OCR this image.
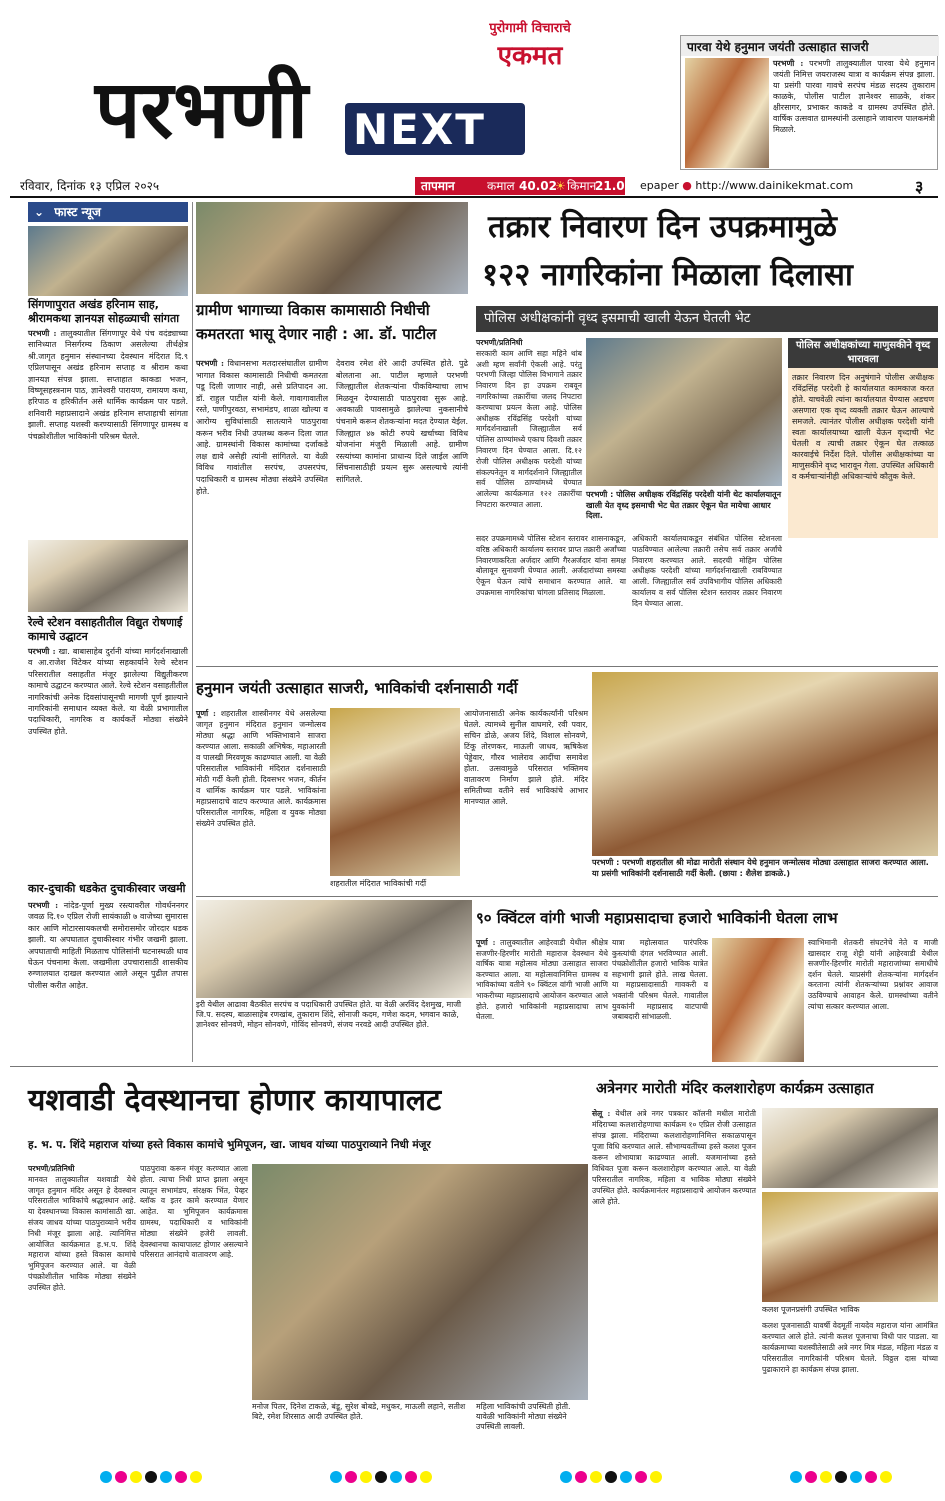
पुरोगामी विचाराचे
एकमत
परभणी	NEXT
पारवा येथे हनुमान जयंती उत्साहात साजरी
परभणी : परभणी तालुक्यातील पारवा येथे हनुमान जयंती निमित्त जयराजस्थ यात्रा व कार्यक्रम संपन्न झाला. या प्रसंगी पारवा गावचे सरपंच मंडळ सदस्य तुकाराम काळके, पोलीस पाटील ज्ञानेश्वर साळके, शंकर क्षीरसागर, प्रभाकर काकडे व ग्रामस्थ उपस्थित होते. वार्षिक उत्सवात ग्रामस्थांनी उत्साहाने जावारण पालकमंत्री मिळाले.
रविवार, दिनांक १३ एप्रिल २०२५	तापमान	कमाल 40.02
☀ किमान
21.03 epaper ● http://www.dainikekmat.com	३
⌄ फास्ट न्यूज
सिंगणापुरात अखंड हरिनाम साह, श्रीरामकथा ज्ञानयज्ञ सोहळ्याची सांगता
परभणी : तालुक्यातील सिंगणापूर येथे पंच वदंड्याच्या सानिध्यात निसर्गरम्य ठिकाण असलेल्या तीर्थक्षेत्र श्री.जागृत हनुमान संस्थानच्या देवस्थान मंदिरात दि.९ एप्रिलपासून अखंड हरिनाम सप्ताह व श्रीराम कथा ज्ञानयज्ञ संपन्न झाला. सप्ताहात काकडा भजन, विष्णूसहस्त्रनाम पाठ, ज्ञानेश्वरी पारायण, रामायण कथा, हरिपाठ व हरिकीर्तन असे धार्मिक कार्यक्रम पार पडले. शनिवारी महाप्रसादाने अखंड हरिनाम सप्ताहाची सांगता झाली. सप्ताह यशस्वी करण्यासाठी सिंगणापूर ग्रामस्थ व पंचक्रोशीतील भाविकांनी परिश्रम घेतले.
रेल्वे स्टेशन वसाहतीतील विद्युत रोषणाई कामाचे उद्घाटन
परभणी : खा. बाबासाहेब दुर्रानी यांच्या मार्गदर्शनाखाली व आ.राजेश विटेकर यांच्या सहकार्याने रेल्वे स्टेशन परिसरातील वसाहतीत मंजूर झालेल्या विद्युतीकरण कामाचे उद्घाटन करण्यात आले. रेल्वे स्टेशन वसाहतीतील नागरिकांची अनेक दिवसांपासूनची मागणी पूर्ण झाल्याने नागरिकांनी समाधान व्यक्त केले. या वेळी प्रभागातील पदाधिकारी, नागरिक व कार्यकर्ते मोठ्या संख्येने उपस्थित होते.
कार-दुचाकी धडकेत दुचाकीस्वार जखमी
परभणी : नांदेड-पूर्णा मुख्य रस्त्यावरील गोवर्धननगर जवळ दि.१० एप्रिल रोजी सायंकाळी ७ वाजेच्या सुमारास कार आणि मोटारसायकलची समोरासमोर जोरदार धडक झाली. या अपघातात दुचाकीस्वार गंभीर जखमी झाला. अपघाताची माहिती मिळताच पोलिसांनी घटनास्थळी धाव घेऊन पंचनामा केला. जखमीला उपचारासाठी शासकीय रुग्णालयात दाखल करण्यात आले असून पुढील तपास पोलीस करीत आहेत.
ग्रामीण भागाच्या विकास कामासाठी निधीची
कमतरता भासू देणार नाही : आ. डॉ. पाटील
परभणी : विधानसभा मतदारसंघातील ग्रामीण भागात विकास कामासाठी निधीची कमतरता पडू दिली जाणार नाही, असे प्रतिपादन आ. डॉ. राहुल पाटील यांनी केले. गावागावातील रस्ते, पाणीपुरवठा, सभामंडप, शाळा खोल्या व आरोग्य सुविधांसाठी सातत्याने पाठपुरावा करून भरीव निधी उपलब्ध करून दिला जात आहे. ग्रामस्थांनी विकास कामांच्या दर्जाकडे लक्ष द्यावे असेही त्यांनी सांगितले. या वेळी विविध गावांतील सरपंच, उपसरपंच, पदाधिकारी व ग्रामस्थ मोठ्या संख्येने उपस्थित होते.
देवराव रमेश शेरे आदी उपस्थित होते. पुढे बोलताना आ. पाटील म्हणाले परभणी जिल्ह्यातील शेतकऱ्यांना पीकविम्याचा लाभ मिळवून देण्यासाठी पाठपुरावा सुरू आहे. अवकाळी पावसामुळे झालेल्या नुकसानीचे पंचनामे करून शेतकऱ्यांना मदत देण्यात येईल. जिल्ह्यात ४७ कोटी रुपये खर्चाच्या विविध योजनांना मंजुरी मिळाली आहे. ग्रामीण रस्त्यांच्या कामांना प्राधान्य दिले जाईल आणि सिंचनासाठीही प्रयत्न सुरू असल्याचे त्यांनी सांगितले.
तक्रार निवारण दिन उपक्रमामुळे
१२२ नागरिकांना मिळाला दिलासा
पोलिस अधीक्षकांनी वृध्द इसमाची खाली येऊन घेतली भेट
परभणी/प्रतिनिधी
सरकारी काम आणि सहा महिने थांब अशी म्हण सर्वांनी ऐकली आहे. परंतु परभणी जिल्हा पोलिस विभागाने तक्रार निवारण दिन हा उपक्रम राबवून नागरिकांच्या तक्रारींचा जलद निपटारा करण्याचा प्रयत्न केला आहे. पोलिस अधीक्षक रविंद्रसिंह परदेशी यांच्या मार्गदर्शनाखाली जिल्ह्यातील सर्व पोलिस ठाण्यांमध्ये एकाच दिवशी तक्रार निवारण दिन घेण्यात आला. दि.१२ रोजी पोलिस अधीक्षक परदेशी यांच्या संकल्पनेतून व मार्गदर्शनाने जिल्ह्यातील सर्व पोलिस ठाण्यांमध्ये घेण्यात आलेल्या कार्यक्रमात १२२ तक्रारींचा निपटारा करण्यात आला.
परभणी : पोलिस अधीक्षक रविंद्रसिंह परदेशी यांनी थेट कार्यालयातून खाली येत वृध्द इसमाची भेट घेत तक्रार ऐकून घेत मायेचा आधार दिला.
पोलिस अधीक्षकांच्या माणुसकीने वृध्द भारावला
तक्रार निवारण दिन अनुषंगाने पोलीस अधीक्षक रविंद्रसिंह परदेशी हे कार्यालयात कामकाज करत होते. याचवेळी त्यांना कार्यालयात येण्यास अडचण असणारा एक वृध्द व्यक्ती तक्रार घेऊन आल्याचे समजले. त्यानंतर पोलीस अधीक्षक परदेशी यांनी स्वतः कार्यालयाच्या खाली येऊन वृध्दाची भेट घेतली व त्याची तक्रार ऐकून घेत तत्काळ कारवाईचे निर्देश दिले. पोलीस अधीक्षकांच्या या माणुसकीने वृध्द भारावून गेला. उपस्थित अधिकारी व कर्मचाऱ्यांनीही अधिकाऱ्यांचे कौतुक केले.
सदर उपक्रमामध्ये पोलिस स्टेशन स्तरावर शासनाकडून, वरिष्ठ अधिकारी कार्यालय स्तरावर प्राप्त तक्रारी अर्जांच्या निवारणाकरिता अर्जदार आणि गैरअर्जदार यांना समक्ष बोलावून सुनावणी घेण्यात आली. अर्जदारांच्या समस्या ऐकून घेऊन त्यांचे समाधान करण्यात आले. या उपक्रमास नागरिकांचा चांगला प्रतिसाद मिळाला.
अधिकारी कार्यालयाकडून संबंधित पोलिस स्टेशनला पाठविण्यात आलेल्या तक्रारी तसेच सर्व तक्रार अर्जांचे निवारण करण्यात आले. सदरची मोहिम पोलिस अधीक्षक परदेशी यांच्या मार्गदर्शनाखाली राबविण्यात आली. जिल्ह्यातील सर्व उपविभागीय पोलिस अधिकारी कार्यालय व सर्व पोलिस स्टेशन स्तरावर तक्रार निवारण दिन घेण्यात आला.
हनुमान जयंती उत्साहात साजरी, भाविकांची दर्शनासाठी गर्दी
पूर्णा : शहरातील शास्त्रीनगर येथे असलेल्या जागृत हनुमान मंदिरात हनुमान जन्मोत्सव मोठ्या श्रद्धा आणि भक्तिभावाने साजरा करण्यात आला. सकाळी अभिषेक, महाआरती व पालखी मिरवणूक काढण्यात आली. या वेळी परिसरातील भाविकांनी मंदिरात दर्शनासाठी मोठी गर्दी केली होती. दिवसभर भजन, कीर्तन व धार्मिक कार्यक्रम पार पडले. भाविकांना महाप्रसादाचे वाटप करण्यात आले. कार्यक्रमास परिसरातील नागरिक, महिला व युवक मोठ्या संख्येने उपस्थित होते.
शहरातील मंदिरात भाविकांची गर्दी
आयोजनासाठी अनेक कार्यकर्त्यांनी परिश्रम घेतले. त्यामध्ये सुनील वाघमारे, रवी पवार, सचिन डोळे, अजय शिंदे, विशाल सोनवणे, टिंकू तोरणकर, माऊली जाधव, ऋषिकेश पेड्डेवार, गौरव भालेराव आदींचा समावेश होता. उत्सवामुळे परिसरात भक्तिमय वातावरण निर्माण झाले होते. मंदिर समितीच्या वतीने सर्व भाविकांचे आभार मानण्यात आले.
परभणी : परभणी शहरातील श्री मोढा मारोती संस्थान येथे हनुमान जन्मोत्सव मोठ्या उत्साहात साजरा करण्यात आला. या प्रसंगी भाविकांनी दर्शनासाठी गर्दी केली. (छाया : शैलेश डाकळे.)
इरी येथील आढावा बैठकीत सरपंच व पदाधिकारी उपस्थित होते. या वेळी अरविंद देशमुख, माजी जि.प. सदस्य, बाळासाहेब रणखांब, तुकाराम शिंदे, सोनाजी कदम, गणेश कदम, भगवान काळे, ज्ञानेश्वर सोनवणे, मोहन सोनवणे, गोविंद सोनवणे, संजय नरवडे आदी उपस्थित होते.
९० क्विंटल वांगी भाजी महाप्रसादाचा हजारो भाविकांनी घेतला लाभ
पूर्णा : तालुक्यातील आहेरवाडी येथील श्रीक्षेत्र सजणीर-हिरणीर मारोती महाराज देवस्थान येथे वार्षिक यात्रा महोत्सव मोठ्या उत्साहात साजरा करण्यात आला. या महोत्सवानिमित्त ग्रामस्थ व भाविकांच्या वतीने ९० क्विंटल वांगी भाजी आणि भाकरीच्या महाप्रसादाचे आयोजन करण्यात आले होते. हजारो भाविकांनी महाप्रसादाचा लाभ घेतला.
यात्रा महोत्सवात पारंपरिक कुस्त्यांची दंगल भरविण्यात आली. पंचक्रोशीतील हजारो भाविक यात्रेत सहभागी झाले होते. लाख घेतला. या महाप्रसादासाठी गावकरी व भक्तांनी परिश्रम घेतले. गावातील युवकांनी महाप्रसाद वाटपाची जबाबदारी सांभाळली.
स्वाभिमानी शेतकरी संघटनेचे नेते व माजी खासदार राजू शेट्टी यांनी आहेरवाडी येथील सजणीर-हिरणीर मारोती महाराजांच्या समाधीचे दर्शन घेतले. याप्रसंगी शेतकऱ्यांना मार्गदर्शन करताना त्यांनी शेतकऱ्यांच्या प्रश्नांवर आवाज उठविण्याचे आवाहन केले. ग्रामस्थांच्या वतीने त्यांचा सत्कार करण्यात आला.
यशवाडी देवस्थानचा होणार कायापालट
ह. भ. प. शिंदे महाराज यांच्या हस्ते विकास कामांचे भुमिपूजन, खा. जाधव यांच्या पाठपुराव्याने निधी मंजूर
परभणी/प्रतिनिधी
मानवत तालुक्यातील यशवाडी येथे जागृत हनुमान मंदिर असून हे देवस्थान परिसरातील भाविकांचे श्रद्धास्थान आहे. या देवस्थानच्या विकास कामांसाठी खा. संजय जाधव यांच्या पाठपुराव्याने भरीव निधी मंजूर झाला आहे. त्यानिमित्त आयोजित कार्यक्रमात ह.भ.प. शिंदे महाराज यांच्या हस्ते विकास कामांचे भुमिपूजन करण्यात आले. या वेळी पंचक्रोशीतील भाविक मोठ्या संख्येने उपस्थित होते.
पाठपुरावा करून मंजूर करण्यात आला होता. त्याचा निधी प्राप्त झाला असून त्यातून सभामंडप, संरक्षक भिंत, पेव्हर ब्लॉक व इतर कामे करण्यात येणार आहेत. या भुमिपूजन कार्यक्रमास ग्रामस्थ, पदाधिकारी व भाविकांनी मोठ्या संख्येने हजेरी लावली. देवस्थानचा कायापालट होणार असल्याने परिसरात आनंदाचे वातावरण आहे.
मनोज पितर, दिनेश टाकळे, बंडू, सुरेश बोबडे, मधुकर, माऊली लहाने, सतीश बिटे, रमेश शिरसाठ आदी उपस्थित होते.
महिला भाविकांची उपस्थिती होती. यावेळी भाविकांनी मोठ्या संख्येने उपस्थिती लावली.
अत्रेनगर मारोती मंदिर कलशारोहण कार्यक्रम उत्साहात
सेलू : येथील अत्रे नगर पत्रकार कॉलनी मधील मारोती मंदिराच्या कलशारोहणाचा कार्यक्रम १० एप्रिल रोजी उत्साहात संपन्न झाला. मंदिराच्या कलशारोहणानिमित्त सकाळपासून पूजा विधि करण्यात आले. सौभाग्यवतींच्या हस्ते कलश पूजन करून शोभायात्रा काढण्यात आली. यजमानांच्या हस्ते विधिवत पूजा करून कलशारोहण करण्यात आले. या वेळी परिसरातील नागरिक, महिला व भाविक मोठ्या संख्येने उपस्थित होते. कार्यक्रमानंतर महाप्रसादाचे आयोजन करण्यात आले होते.
कलश पूजनप्रसंगी उपस्थित भाविक
कलश पूजनासाठी यावर्षी वेदमूर्ती नायदेव महाराज यांना आमंत्रित करण्यात आले होते. त्यांनी कलश पूजनाचा विधी पार पाडला. या कार्यक्रमाच्या यशस्वीतेसाठी अत्रे नगर मित्र मंडळ, महिला मंडळ व परिसरातील नागरिकांनी परिश्रम घेतले. विठ्ठल दास यांच्या पुढाकाराने हा कार्यक्रम संपन्न झाला.
